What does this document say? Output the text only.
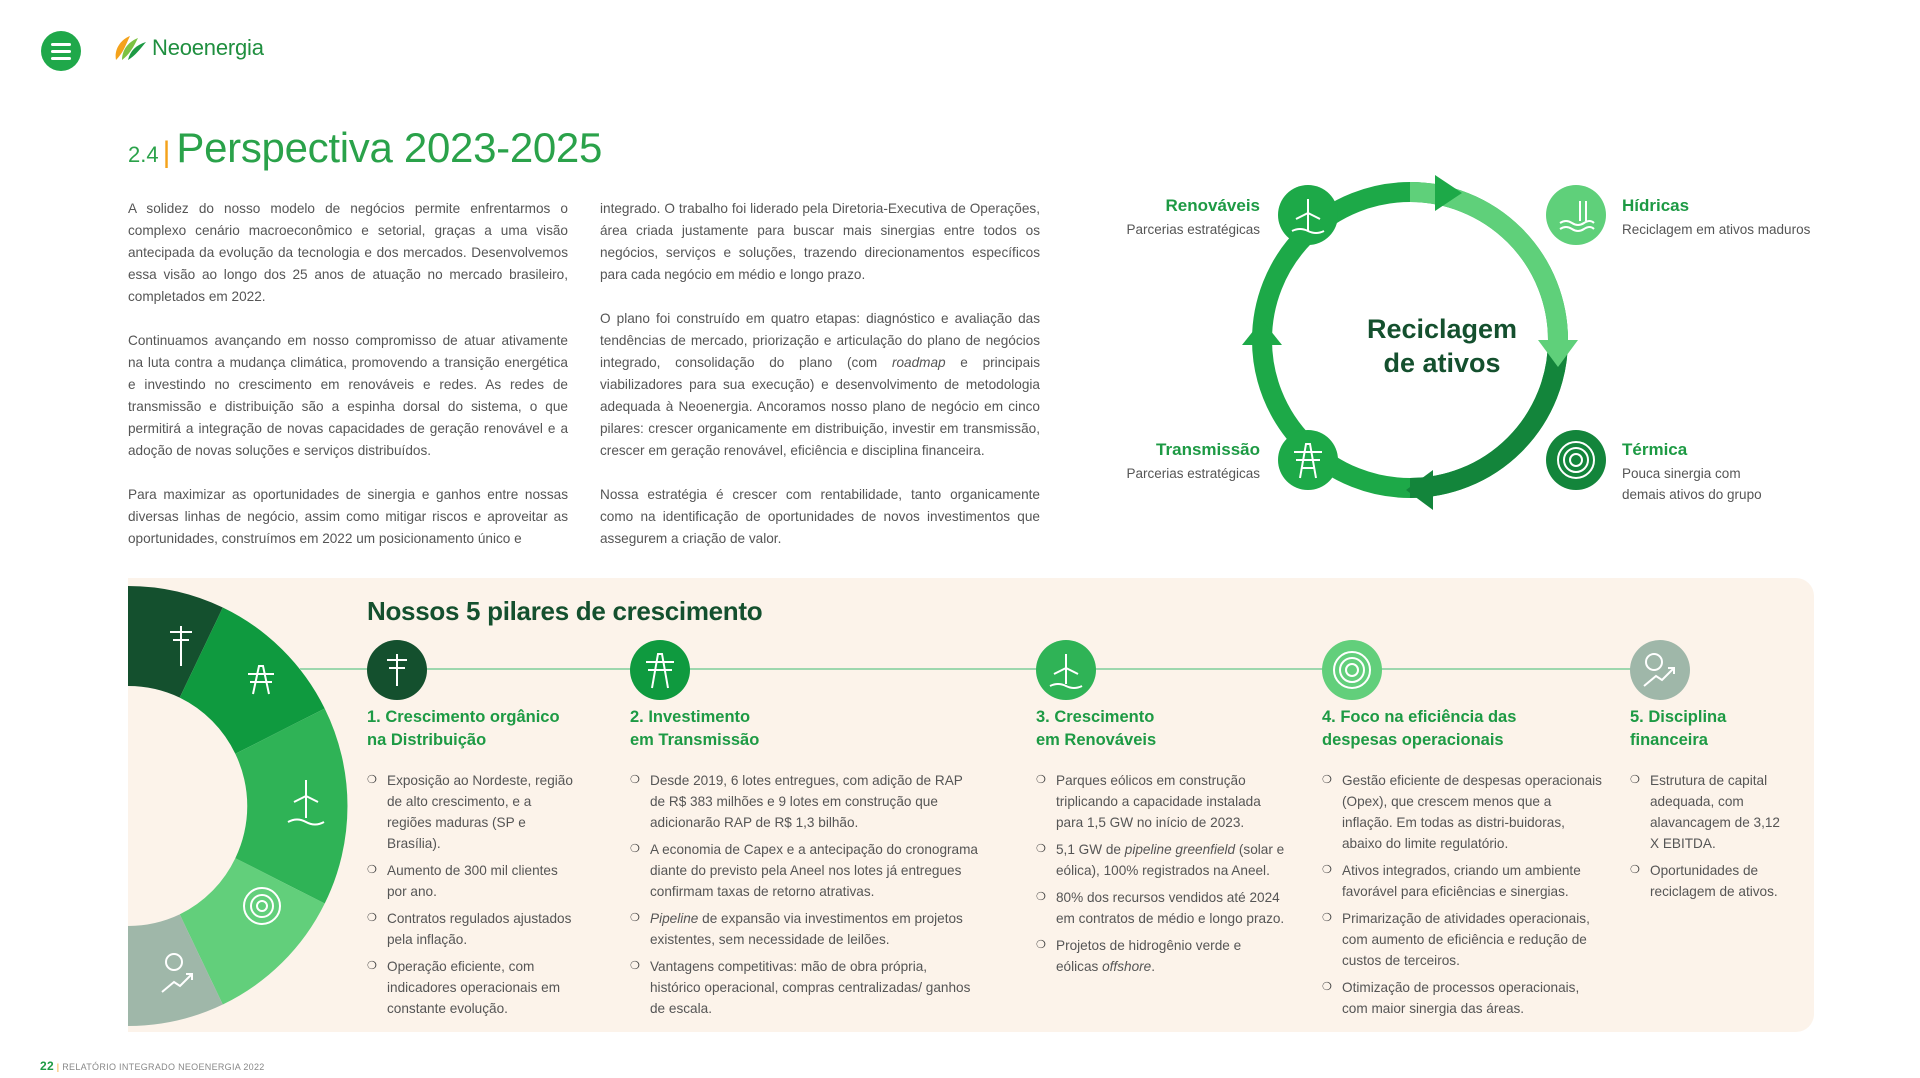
Neoenergia
2.4 | Perspectiva 2023-2025

A solidez do nosso modelo de negócios permite enfrentarmos o complexo cenário macroeconômico e setorial, graças a uma visão antecipada da evolução da tecnologia e dos mercados. Desenvolvemos essa visão ao longo dos 25 anos de atuação no mercado brasileiro, completados em 2022.

Continuamos avançando em nosso compromisso de atuar ativamente na luta contra a mudança climática, promovendo a transição energética e investindo no crescimento em renováveis e redes. As redes de transmissão e distribuição são a espinha dorsal do sistema, o que permitirá a integração de novas capacidades de geração renovável e a adoção de novas soluções e serviços distribuídos.

Para maximizar as oportunidades de sinergia e ganhos entre nossas diversas linhas de negócio, assim como mitigar riscos e aproveitar as oportunidades, construímos em 2022 um posicionamento único e

integrado. O trabalho foi liderado pela Diretoria-Executiva de Operações, área criada justamente para buscar mais sinergias entre todos os negócios, serviços e soluções, trazendo direcionamentos específicos para cada negócio em médio e longo prazo.

O plano foi construído em quatro etapas: diagnóstico e avaliação das tendências de mercado, priorização e articulação do plano de negócios integrado, consolidação do plano (com roadmap e principais viabilizadores para sua execução) e desenvolvimento de metodologia adequada à Neoenergia. Ancoramos nosso plano de negócio em cinco pilares: crescer organicamente em distribuição, investir em transmissão, crescer em geração renovável, eficiência e disciplina financeira.

Nossa estratégia é crescer com rentabilidade, tanto organicamente como na identificação de oportunidades de novos investimentos que assegurem a criação de valor.

Reciclagem
de ativos
Renováveis
Parcerias estratégicas
Hídricas
Reciclagem em ativos maduros
Transmissão
Parcerias estratégicas
Térmica
Pouca sinergia com
demais ativos do grupo
Nossos 5 pilares de crescimento
1. Crescimento orgânico
na Distribuição
2. Investimento
em Transmissão
3. Crescimento
em Renováveis
4. Foco na eficiência das
despesas operacionais
5. Disciplina
financeira
❍ Exposição ao Nordeste, região de alto crescimento, e a regiões maduras (SP e Brasília).
❍ Aumento de 300 mil clientes por ano.
❍ Contratos regulados ajustados pela inflação.
❍ Operação eficiente, com indicadores operacionais em constante evolução.
❍ Desde 2019, 6 lotes entregues, com adição de RAP de R$ 383 milhões e 9 lotes em construção que adicionarão RAP de R$ 1,3 bilhão.
❍ A economia de Capex e a antecipação do cronograma diante do previsto pela Aneel nos lotes já entregues confirmam taxas de retorno atrativas.
❍ Pipeline de expansão via investimentos em projetos existentes, sem necessidade de leilões.
❍ Vantagens competitivas: mão de obra própria, histórico operacional, compras centralizadas/ ganhos de escala.
❍ Parques eólicos em construção triplicando a capacidade instalada para 1,5 GW no início de 2023.
❍ 5,1 GW de pipeline greenfield (solar e eólica), 100% registrados na Aneel.
❍ 80% dos recursos vendidos até 2024 em contratos de médio e longo prazo.
❍ Projetos de hidrogênio verde e eólicas offshore.
❍ Gestão eficiente de despesas operacionais (Opex), que crescem menos que a inflação. Em todas as distri-buidoras, abaixo do limite regulatório.
❍ Ativos integrados, criando um ambiente favorável para eficiências e sinergias.
❍ Primarização de atividades operacionais, com aumento de eficiência e redução de custos de terceiros.
❍ Otimização de processos operacionais, com maior sinergia das áreas.
❍ Estrutura de capital adequada, com alavancagem de 3,12 X EBITDA.
❍ Oportunidades de reciclagem de ativos.
22 | RELATÓRIO INTEGRADO NEOENERGIA 2022
